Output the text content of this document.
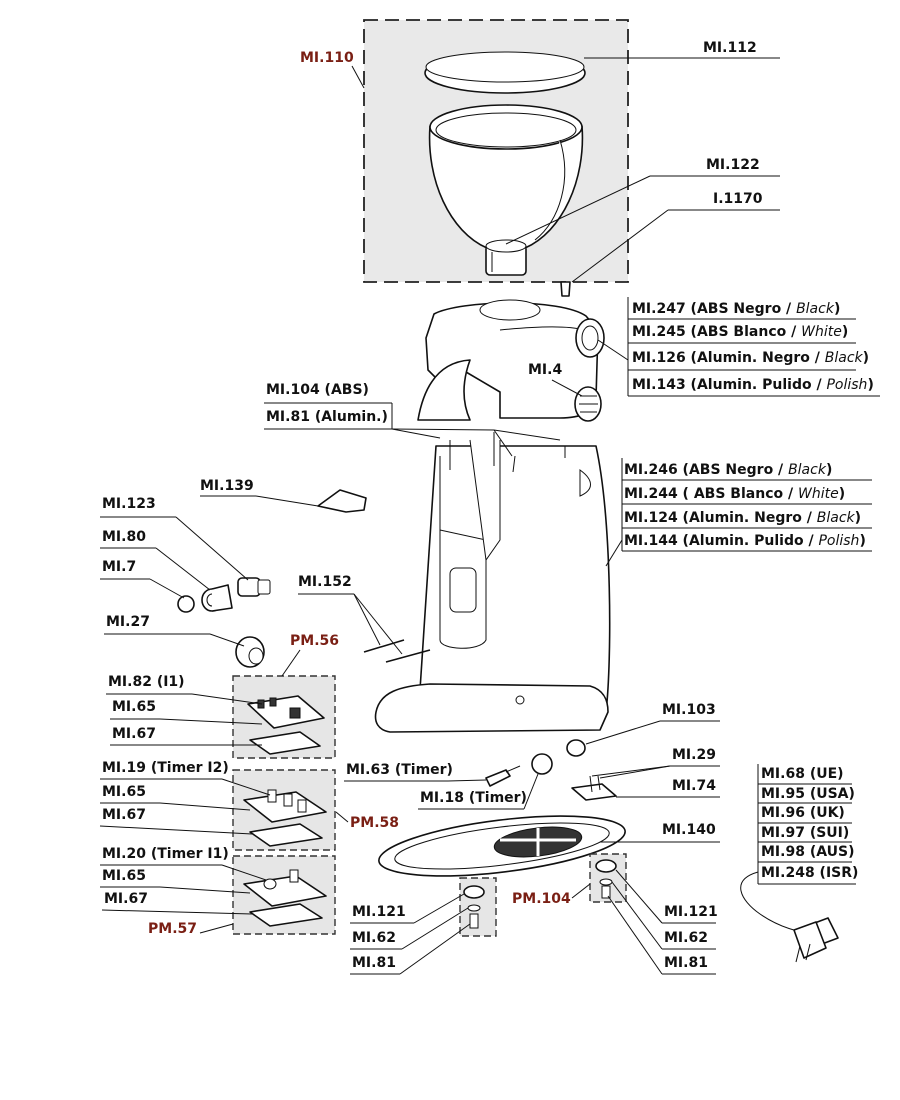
MI.110
PM.56
PM.58
PM.57
PM.104
MI.112
MI.122
I.1170
MI.247 (ABS Negro / Black)
MI.245 (ABS Blanco / White)
MI.126 (Alumin. Negro / Black)
MI.143 (Alumin. Pulido / Polish)
MI.4
MI.104 (ABS)
MI.81 (Alumin.)
MI.246 (ABS Negro / Black)
MI.244 ( ABS Blanco / White)
MI.124 (Alumin. Negro / Black)
MI.144 (Alumin. Pulido / Polish)
MI.139
MI.123
MI.80
MI.7
MI.152
MI.27
MI.82 (I1)
MI.65
MI.67
MI.19 (Timer I2)
MI.65
MI.67
MI.20 (Timer I1)
MI.65
MI.67
MI.63 (Timer)
MI.18 (Timer)
MI.103
MI.29
MI.74
MI.140
MI.121
MI.62
MI.81
MI.121
MI.62
MI.81
MI.68 (UE)
MI.95 (USA)
MI.96 (UK)
MI.97 (SUI)
MI.98 (AUS)
MI.248 (ISR)
